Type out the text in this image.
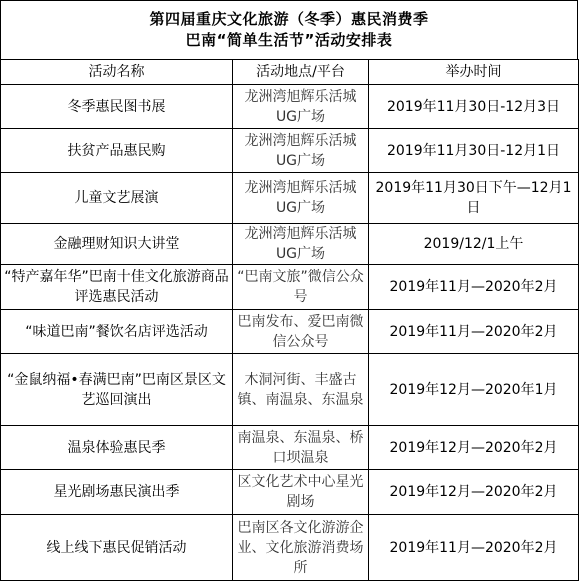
第四届重庆文化旅游（冬季）惠民消费季
巴南“简单生活节”活动安排表
活动名称	活动地点/平台	举办时间
冬季惠民图书展	龙洲湾旭辉乐活城UG广场	2019年11月30日-12月3日
扶贫产品惠民购	龙洲湾旭辉乐活城UG广场	2019年11月30日-12月1日
儿童文艺展演	龙洲湾旭辉乐活城UG广场	2019年11月30日下午—12月1日
金融理财知识大讲堂	龙洲湾旭辉乐活城UG广场	2019/12/1上午
“特产嘉年华”巴南十佳文化旅游商品评选惠民活动	“巴南文旅”微信公众号	2019年11月—2020年2月
“味道巴南”餐饮名店评选活动	巴南发布、爱巴南微信公众号	2019年11月—2020年2月
“金鼠纳福•春满巴南”巴南区景区文艺巡回演出	木洞河街、丰盛古镇、南温泉、东温泉	2019年12月—2020年1月
温泉体验惠民季	南温泉、东温泉、桥口坝温泉	2019年12月—2020年2月
星光剧场惠民演出季	区文化艺术中心星光剧场	2019年12月—2020年2月
线上线下惠民促销活动	巴南区各文化游游企业、文化旅游消费场所	2019年11月—2020年2月
